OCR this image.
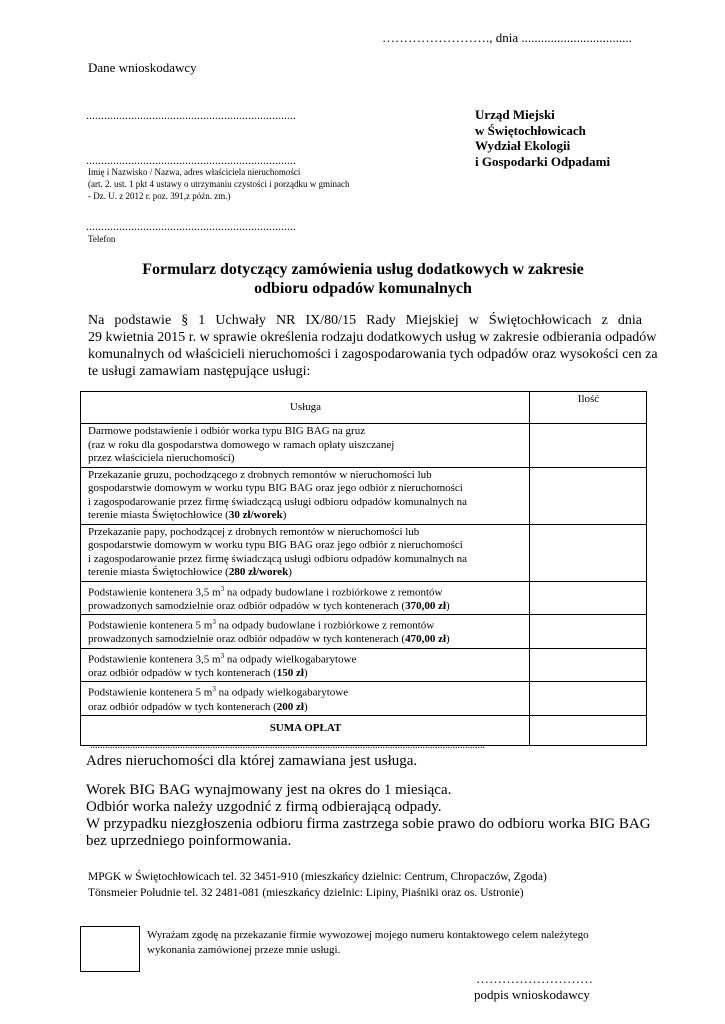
……………………., dnia ..................................
Dane wnioskodawcy
......................................................................
......................................................................
Imię i Nazwisko / Nazwa, adres właściciela nieruchomości
(art. 2. ust. 1 pkt 4 ustawy o utrzymaniu czystości i porządku w gminach
- Dz. U. z 2012 r. poz. 391,z późn. zm.)
......................................................................
Telefon
Urząd Miejski
w Świętochłowicach
Wydział Ekologii
i Gospodarki Odpadami
Formularz dotyczący zamówienia usług dodatkowych w zakresie
odbioru odpadów komunalnych
Na podstawie § 1 Uchwały NR IX/80/15 Rady Miejskiej w Świętochłowicach z dnia
29 kwietnia 2015 r. w sprawie określenia rodzaju dodatkowych usług w zakresie odbierania odpadów
komunalnych od właścicieli nieruchomości i zagospodarowania tych odpadów oraz wysokości cen za
te usługi zamawiam następujące usługi:
Usługa	Ilość

Darmowe podstawienie i odbiór worka typu BIG BAG na gruz
(raz w roku dla gospodarstwa domowego w ramach opłaty uiszczanej
przez właściciela nieruchomości)	

Przekazanie gruzu, pochodzącego z drobnych remontów w nieruchomości lub
gospodarstwie domowym w worku typu BIG BAG oraz jego odbiór z nieruchomości
i zagospodarowanie przez firmę świadczącą usługi odbioru odpadów komunalnych na
terenie miasta Świętochłowice (30 zł/worek)	

Przekazanie papy, pochodzącej z drobnych remontów w nieruchomości lub
gospodarstwie domowym w worku typu BIG BAG oraz jego odbiór z nieruchomości
i zagospodarowanie przez firmę świadczącą usługi odbioru odpadów komunalnych na
terenie miasta Świętochłowice (280 zł/worek)	

Podstawienie kontenera 3,5 $m^3$ na odpady budowlane i rozbiórkowe z remontów
prowadzonych samodzielnie oraz odbiór odpadów w tych kontenerach (370,00 zł)	

Podstawienie kontenera 5 $m^3$ na odpady budowlane i rozbiórkowe z remontów
prowadzonych samodzielnie oraz odbiór odpadów w tych kontenerach (470,00 zł)	

Podstawienie kontenera 3,5 $m^3$ na odpady wielkogabarytowe
oraz odbiór odpadów w tych kontenerach (150 zł)	

Podstawienie kontenera 5 $m^3$ na odpady wielkogabarytowe
oraz odbiór odpadów w tych kontenerach (200 zł)	

SUMA OPŁAT	
..............................................................................................................................................................
Adres nieruchomości dla której zamawiana jest usługa.
Worek BIG BAG wynajmowany jest na okres do 1 miesiąca.
Odbiór worka należy uzgodnić z firmą odbierającą odpady.
W przypadku niezgłoszenia odbioru firma zastrzega sobie prawo do odbioru worka BIG BAG
bez uprzedniego poinformowania.
MPGK w Świętochłowicach tel. 32 3451-910 (mieszkańcy dzielnic: Centrum, Chropaczów, Zgoda)
Tönsmeier Południe tel. 32 2481-081 (mieszkańcy dzielnic: Lipiny, Piaśniki oraz os. Ustronie)
Wyrażam zgodę na przekazanie firmie wywozowej mojego numeru kontaktowego celem należytego
wykonania zamówionej przeze mnie usługi.
………………………
podpis wnioskodawcy
